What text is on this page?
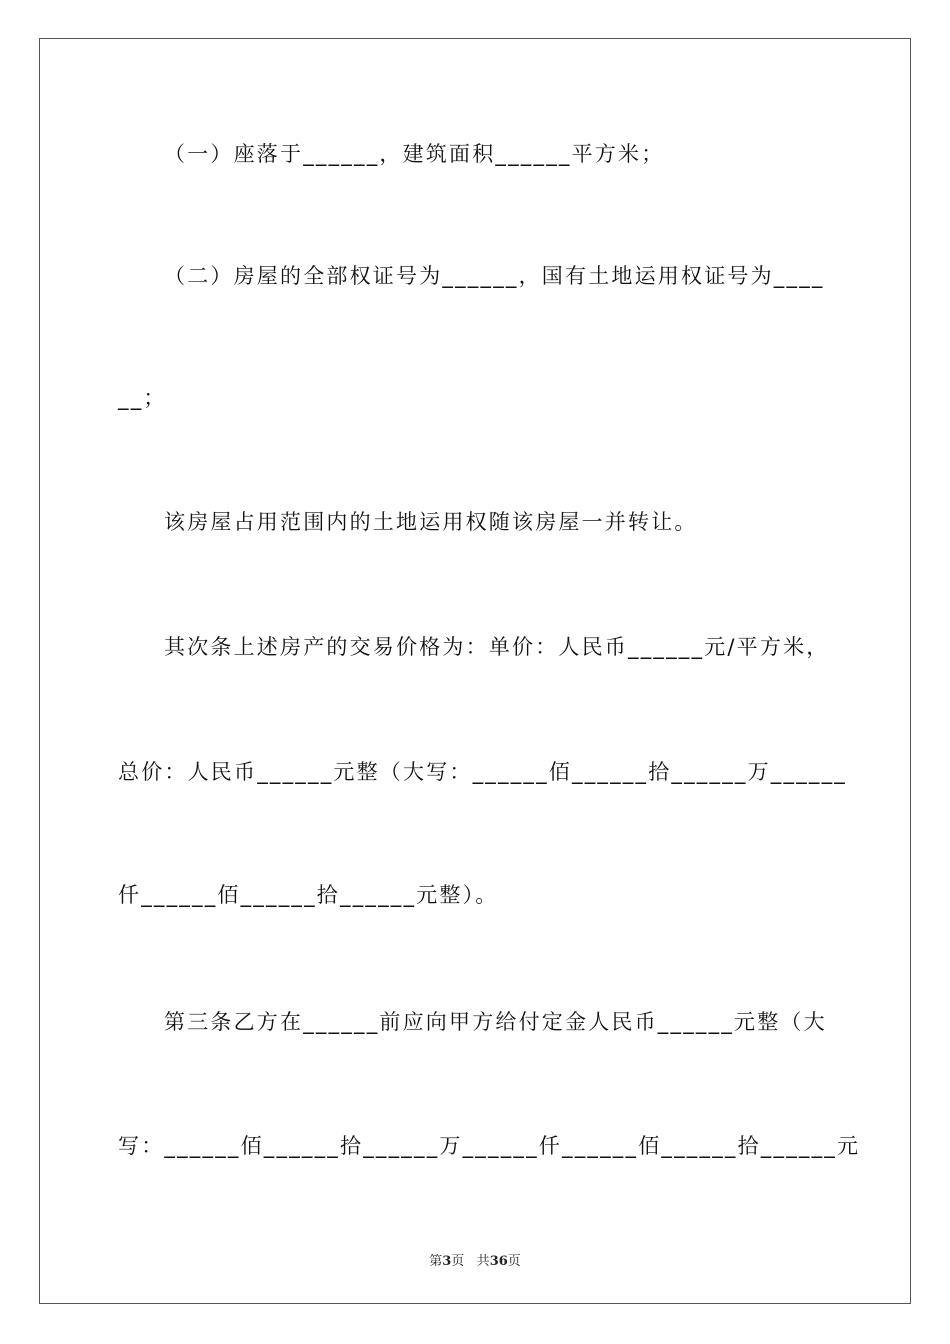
（一）座落于______，建筑面积______平方米；
（二）房屋的全部权证号为______，国有土地运用权证号为____
__；
该房屋占用范围内的土地运用权随该房屋一并转让。
其次条上述房产的交易价格为：单价：人民币______元/平方米，
总价：人民币______元整（大写：______佰______拾______万______
仟______佰______拾______元整）。
第三条乙方在______前应向甲方给付定金人民币______元整（大
写：______佰______拾______万______仟______佰______拾______元
第3页 共36页
